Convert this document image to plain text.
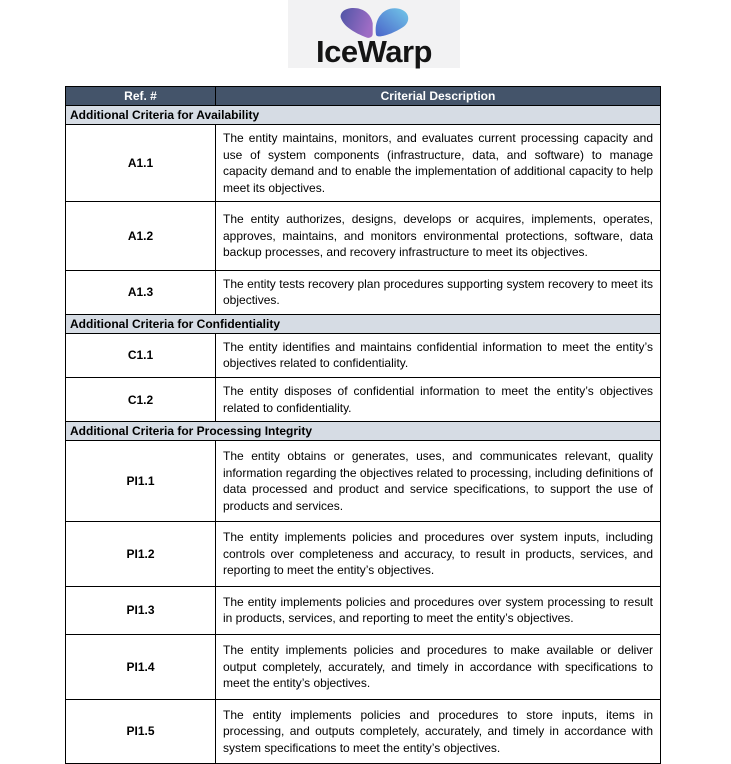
IceWarp
Ref. #	Criterial Description
Additional Criteria for Availability	
A1.1	The entity maintains, monitors, and evaluates current processing capacity and use of system components (infrastructure, data, and software) to manage capacity demand and to enable the implementation of additional capacity to help meet its objectives.
A1.2	The entity authorizes, designs, develops or acquires, implements, operates, approves, maintains, and monitors environmental protections, software, data backup processes, and recovery infrastructure to meet its objectives.
A1.3	The entity tests recovery plan procedures supporting system recovery to meet its objectives.
Additional Criteria for Confidentiality	
C1.1	The entity identifies and maintains confidential information to meet the entity’s objectives related to confidentiality.
C1.2	The entity disposes of confidential information to meet the entity’s objectives related to confidentiality.
Additional Criteria for Processing Integrity	
PI1.1	The entity obtains or generates, uses, and communicates relevant, quality information regarding the objectives related to processing, including definitions of data processed and product and service specifications, to support the use of products and services.
PI1.2	The entity implements policies and procedures over system inputs, including controls over completeness and accuracy, to result in products, services, and reporting to meet the entity’s objectives.
PI1.3	The entity implements policies and procedures over system processing to result in products, services, and reporting to meet the entity’s objectives.
PI1.4	The entity implements policies and procedures to make available or deliver output completely, accurately, and timely in accordance with specifications to meet the entity’s objectives.
PI1.5	The entity implements policies and procedures to store inputs, items in processing, and outputs completely, accurately, and timely in accordance with system specifications to meet the entity’s objectives.
